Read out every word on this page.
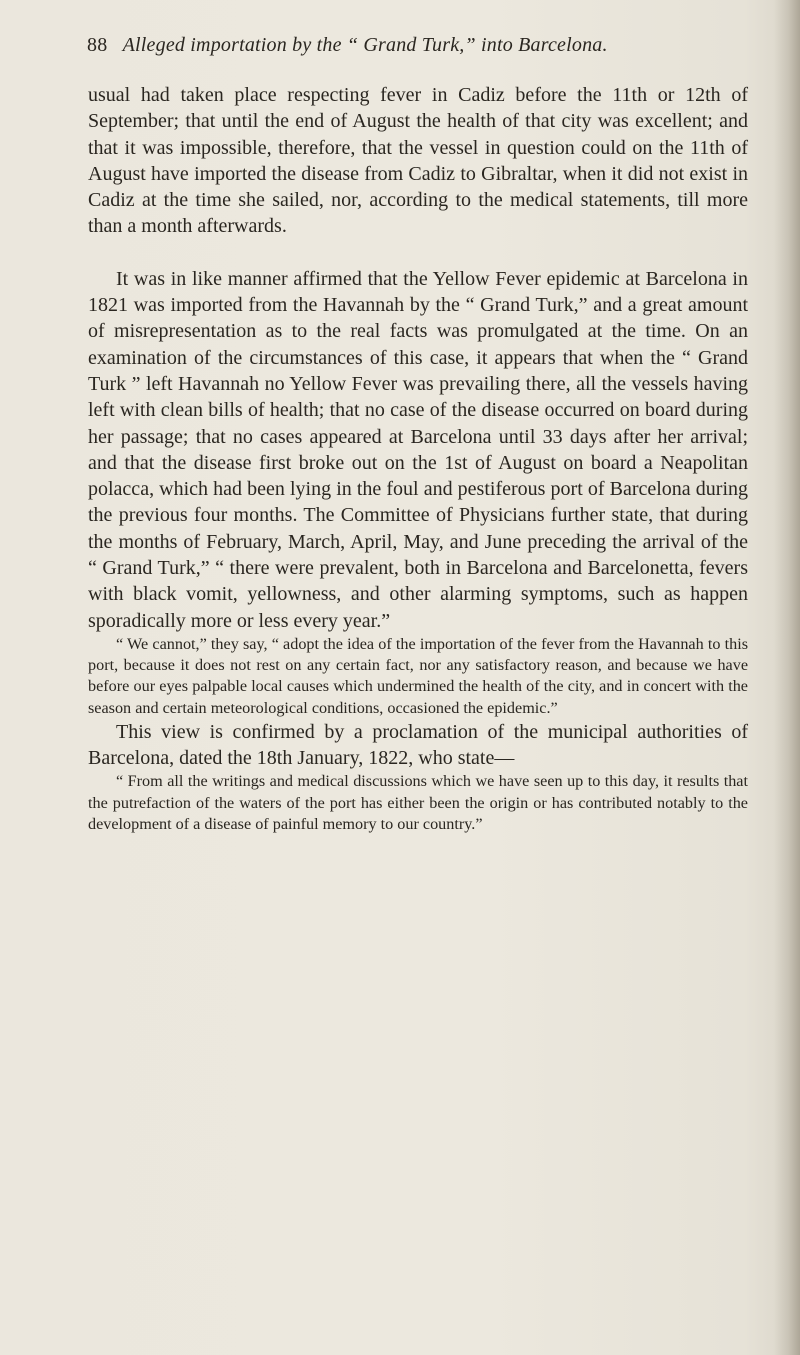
88 Alleged importation by the “ Grand Turk,” into Barcelona.

usual had taken place respecting fever in Cadiz before the 11th or 12th of September; that until the end of August the health of that city was excellent; and that it was impossible, therefore, that the vessel in question could on the 11th of August have imported the disease from Cadiz to Gibraltar, when it did not exist in Cadiz at the time she sailed, nor, according to the medical statements, till more than a month afterwards.

It was in like manner affirmed that the Yellow Fever epidemic at Barcelona in 1821 was imported from the Havannah by the “ Grand Turk,” and a great amount of misrepresentation as to the real facts was promulgated at the time. On an examination of the circumstances of this case, it appears that when the “ Grand Turk ” left Havannah no Yellow Fever was prevailing there, all the vessels having left with clean bills of health; that no case of the disease occurred on board during her passage; that no cases appeared at Barcelona until 33 days after her arrival; and that the disease first broke out on the 1st of August on board a Neapolitan polacca, which had been lying in the foul and pestiferous port of Barcelona during the previous four months. The Committee of Physicians further state, that during the months of February, March, April, May, and June preceding the arrival of the “ Grand Turk,” “ there were prevalent, both in Barcelona and Barcelonetta, fevers with black vomit, yellowness, and other alarming symptoms, such as happen sporadically more or less every year.”

“ We cannot,” they say, “ adopt the idea of the importation of the fever from the Havannah to this port, because it does not rest on any certain fact, nor any satisfactory reason, and because we have before our eyes palpable local causes which undermined the health of the city, and in concert with the season and certain meteorological conditions, occasioned the epidemic.”

This view is confirmed by a proclamation of the municipal authorities of Barcelona, dated the 18th January, 1822, who state—

“ From all the writings and medical discussions which we have seen up to this day, it results that the putrefaction of the waters of the port has either been the origin or has contributed notably to the development of a disease of painful memory to our country.”
